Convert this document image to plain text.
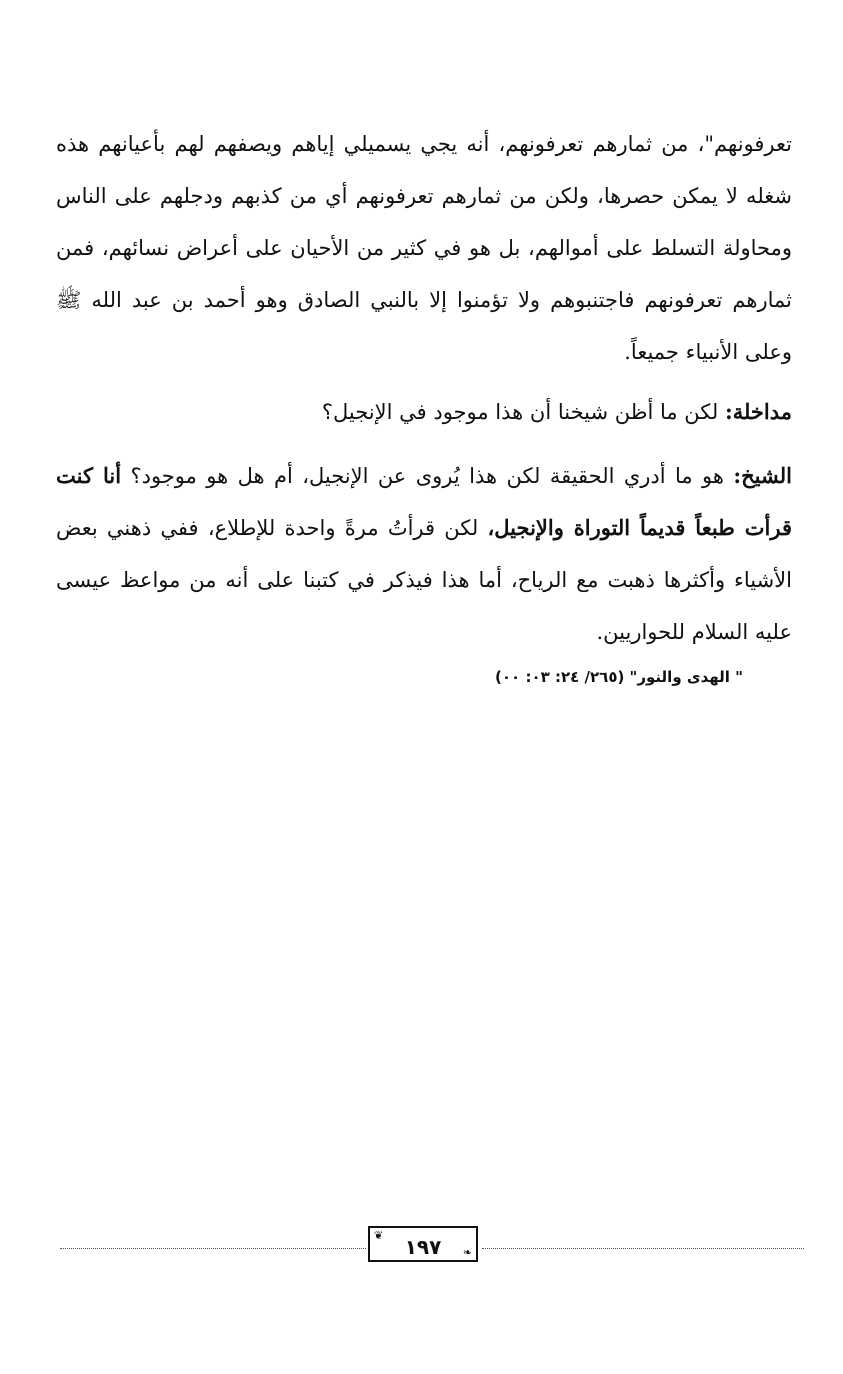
تعرفونهم"، من ثمارهم تعرفونهم، أنه يجي يسميلي إياهم ويصفهم لهم بأعيانهم هذه شغله لا يمكن حصرها، ولكن من ثمارهم تعرفونهم أي من كذبهم ودجلهم على الناس ومحاولة التسلط على أموالهم، بل هو في كثير من الأحيان على أعراض نسائهم، فمن ثمارهم تعرفونهم فاجتنبوهم ولا تؤمنوا إلا بالنبي الصادق وهو أحمد بن عبد الله ﷺ وعلى الأنبياء جميعاً.

مداخلة: لكن ما أظن شيخنا أن هذا موجود في الإنجيل؟

الشيخ: هو ما أدري الحقيقة لكن هذا يُروى عن الإنجيل، أم هل هو موجود؟ أنا كنت قرأت طبعاً قديماً التوراة والإنجيل، لكن قرأتُ مرةً واحدة للإطلاع، ففي ذهني بعض الأشياء وأكثرها ذهبت مع الرياح، أما هذا فيذكر في كتبنا على أنه من مواعظ عيسى عليه السلام للحواريين.

" الهدى والنور" (٢٦٥/ ٢٤: ٠٣: ٠٠)
❦	١٩٧	❧
